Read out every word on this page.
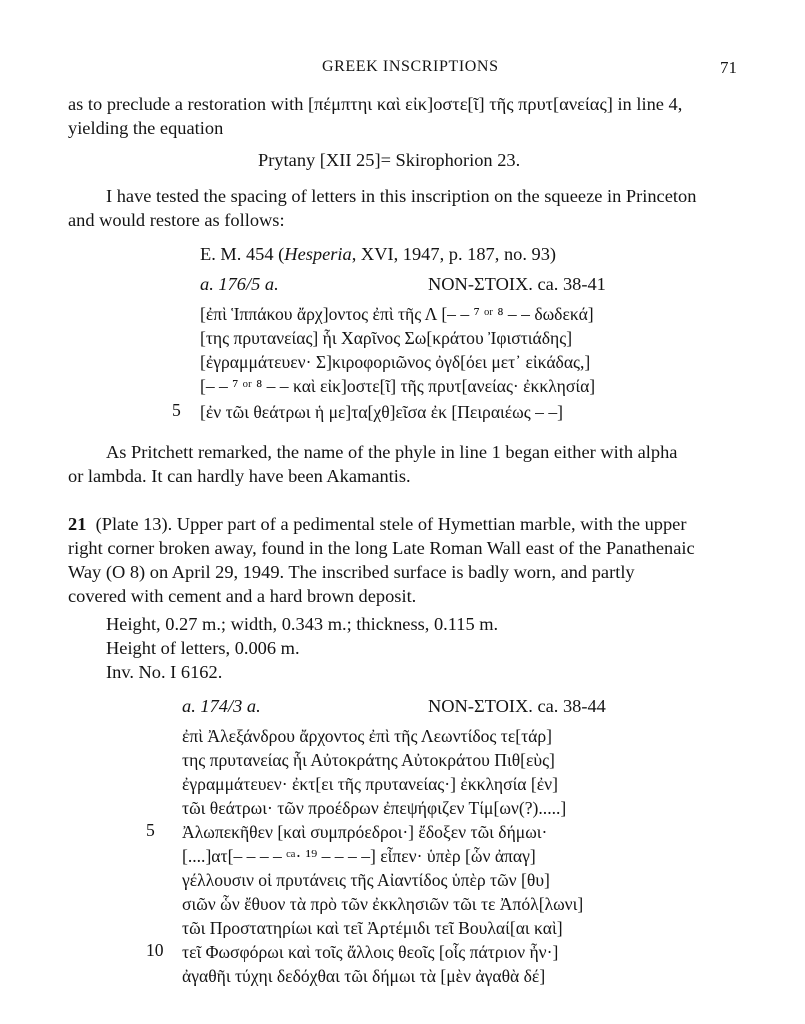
GREEK INSCRIPTIONS	71
as to preclude a restoration with [πέμπτηι καὶ εἰκ]οστε[ῖ] τῆς πρυτ[ανείας] in line 4,
yielding the equation
Prytany [XII 25]= Skirophorion 23.
I have tested the spacing of letters in this inscription on the squeeze in Princeton
and would restore as follows:
E. M. 454 (Hesperia, XVI, 1947, p. 187, no. 93)
a. 176/5 a.	NON-ΣΤΟΙΧ. ca. 38-41
[ἐπὶ Ἱππάκου ἄρχ]οντος ἐπὶ τῆς Λ [– – ⁷ ᵒʳ ⁸ – – δωδεκά]
[της πρυτανείας] ἧι Χαρῖνος Σω[κράτου Ἰφιστιάδης]
[ἐγραμμάτευεν· Σ]κιροφοριῶνος ὀγδ[όει μετ᾽ εἰκάδας,]
[– – ⁷ ᵒʳ ⁸ – – καὶ εἰκ]οστε[ῖ] τῆς πρυτ[ανείας· ἐκκλησία]
5 [ἐν τῶι θεάτρωι ἡ με]τα[χθ]εῖσα ἐκ [Πειραιέως – –]
As Pritchett remarked, the name of the phyle in line 1 began either with alpha
or lambda. It can hardly have been Akamantis.
21 (Plate 13). Upper part of a pedimental stele of Hymettian marble, with the upper
right corner broken away, found in the long Late Roman Wall east of the Panathenaic
Way (O 8) on April 29, 1949. The inscribed surface is badly worn, and partly
covered with cement and a hard brown deposit.
Height, 0.27 m.; width, 0.343 m.; thickness, 0.115 m.
Height of letters, 0.006 m.
Inv. No. I 6162.
a. 174/3 a.	NON-ΣΤΟΙΧ. ca. 38-44
ἐπὶ Ἀλεξάνδρου ἄρχοντος ἐπὶ τῆς Λεωντίδος τε[τάρ]
της πρυτανείας ἧι Αὐτοκράτης Αὐτοκράτου Πιθ[εὺς]
ἐγραμμάτευεν· ἐκτ[ει τῆς πρυτανείας·] ἐκκλησία [ἐν]
τῶι θεάτρωι· τῶν προέδρων ἐπεψήφιζεν Τίμ[ων(?).....]
5 Ἀλωπεκῆθεν [καὶ συμπρόεδροι·] ἔδοξεν τῶι δήμωι·
[....]ατ[– – – – ᶜᵃ· ¹⁹ – – – –] εἶπεν· ὑπὲρ [ὧν ἀπαγ]
γέλλουσιν οἱ πρυτάνεις τῆς Αἰαντίδος ὑπὲρ τῶν [θυ]
σιῶν ὧν ἔθυον τὰ πρὸ τῶν ἐκκλησιῶν τῶι τε Ἀπόλ[λωνι]
τῶι Προστατηρίωι καὶ τεῖ Ἀρτέμιδι τεῖ Βουλαί[αι καὶ]
10 τεῖ Φωσφόρωι καὶ τοῖς ἄλλοις θεοῖς [οἷς πάτριον ἦν·]
ἀγαθῆι τύχηι δεδόχθαι τῶι δήμωι τὰ [μὲν ἀγαθὰ δέ]
